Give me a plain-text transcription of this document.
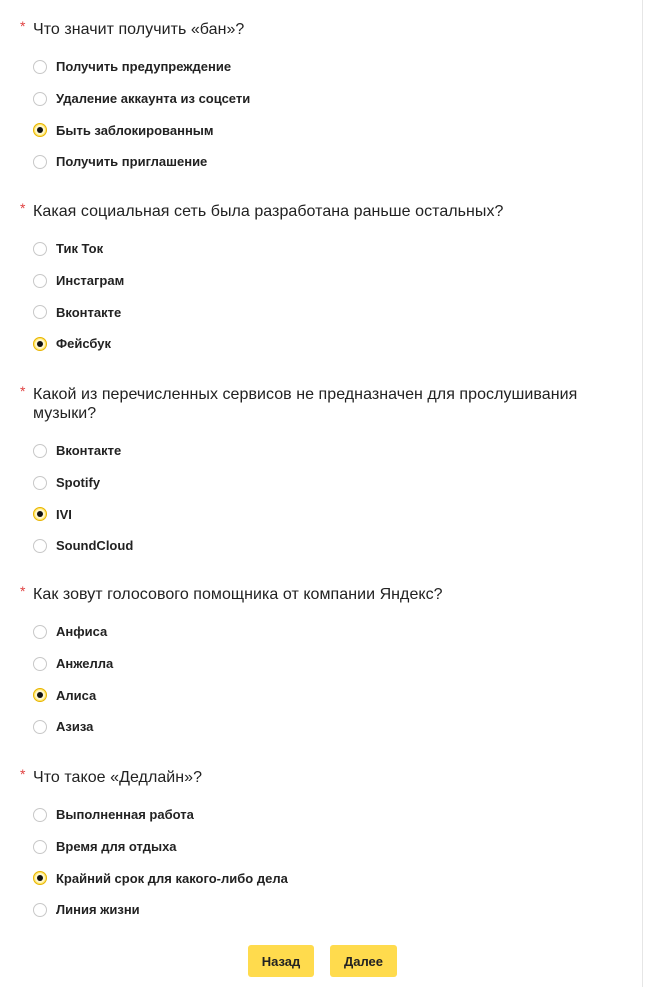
* Что значит получить «бан»?
Получить предупреждение
Удаление аккаунта из соцсети
Быть заблокированным
Получить приглашение
* Какая социальная сеть была разработана раньше остальных?
Тик Ток
Инстаграм
Вконтакте
Фейсбук
* Какой из перечисленных сервисов не предназначен для прослушивания музыки?
Вконтакте
Spotify
IVI
SoundCloud
* Как зовут голосового помощника от компании Яндекс?
Анфиса
Анжелла
Алиса
Азиза
* Что такое «Дедлайн»?
Выполненная работа
Время для отдыха
Крайний срок для какого-либо дела
Линия жизни
Назад	Далее
